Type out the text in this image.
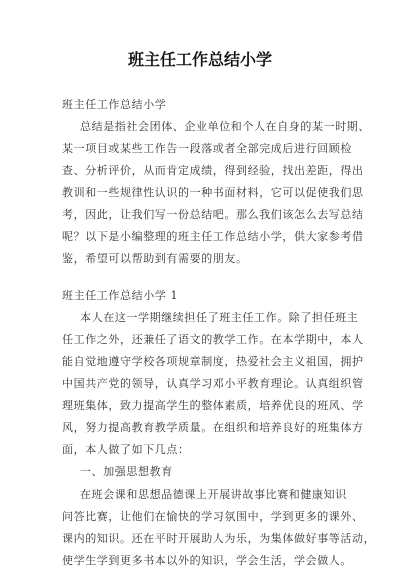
班主任工作总结小学
班主任工作总结小学
总结是指社会团体、企业单位和个人在自身的某一时期、
某一项目或某些工作告一段落或者全部完成后进行回顾检
查、分析评价，从而肯定成绩，得到经验，找出差距，得出
教训和一些规律性认识的一种书面材料，它可以促使我们思
考，因此，让我们写一份总结吧。那么我们该怎么去写总结
呢？以下是小编整理的班主任工作总结小学，供大家参考借
鉴，希望可以帮助到有需要的朋友。
班主任工作总结小学 1
本人在这一学期继续担任了班主任工作。除了担任班主
任工作之外，还兼任了语文的教学工作。在本学期中，本人
能自觉地遵守学校各项规章制度，热爱社会主义祖国，拥护
中国共产党的领导，认真学习邓小平教育理论。认真组织管
理班集体，致力提高学生的整体素质，培养优良的班风、学
风，努力提高教育教学质量。在组织和培养良好的班集体方
面，本人做了如下几点：
一、加强思想教育
在班会课和思想品德课上开展讲故事比赛和健康知识
问答比赛，让他们在愉快的学习氛围中，学到更多的课外、
课内的知识。还在平时开展助人为乐，为集体做好事等活动，
使学生学到更多书本以外的知识，学会生活，学会做人。
